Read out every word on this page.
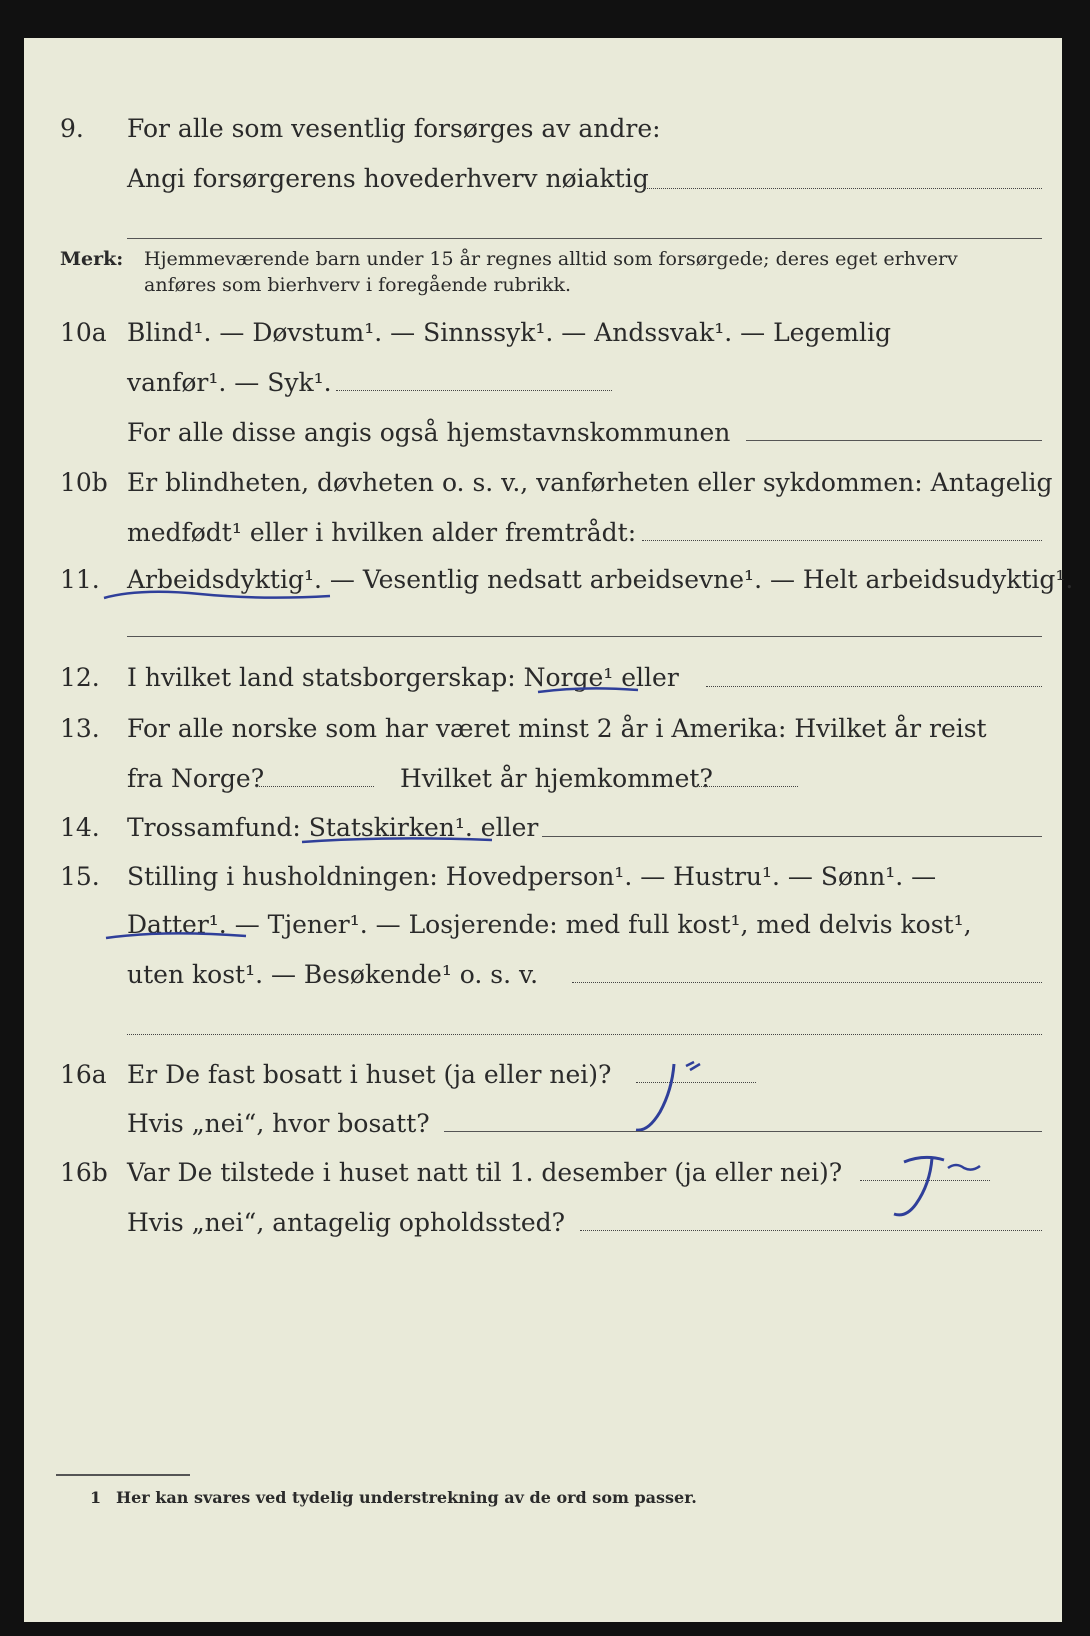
9. For alle som vesentlig forsørges av andre:
Angi forsørgerens hovederhverv nøiaktig
Merk: Hjemmeværende barn under 15 år regnes alltid som forsørgede; deres eget erhverv
anføres som bierhverv i foregående rubrikk.
10a Blind¹. — Døvstum¹. — Sinnssyk¹. — Andssvak¹. — Legemlig
vanfør¹. — Syk¹.
For alle disse angis også hjemstavnskommunen
10b Er blindheten, døvheten o. s. v., vanførheten eller sykdommen: Antagelig
medfødt¹ eller i hvilken alder fremtrådt:
11. Arbeidsdyktig¹. — Vesentlig nedsatt arbeidsevne¹. — Helt arbeidsudyktig¹.
12. I hvilket land statsborgerskap: Norge¹ eller
13. For alle norske som har været minst 2 år i Amerika: Hvilket år reist
fra Norge?	Hvilket år hjemkommet?
14. Trossamfund: Statskirken¹. eller
15. Stilling i husholdningen: Hovedperson¹. — Hustru¹. — Sønn¹. —
Datter¹. — Tjener¹. — Losjerende: med full kost¹, med delvis kost¹,
uten kost¹. — Besøkende¹ o. s. v.
16a Er De fast bosatt i huset (ja eller nei)?
Hvis „nei“, hvor bosatt?
16b Var De tilstede i huset natt til 1. desember (ja eller nei)?
Hvis „nei“, antagelig opholdssted?
1 Her kan svares ved tydelig understrekning av de ord som passer.
